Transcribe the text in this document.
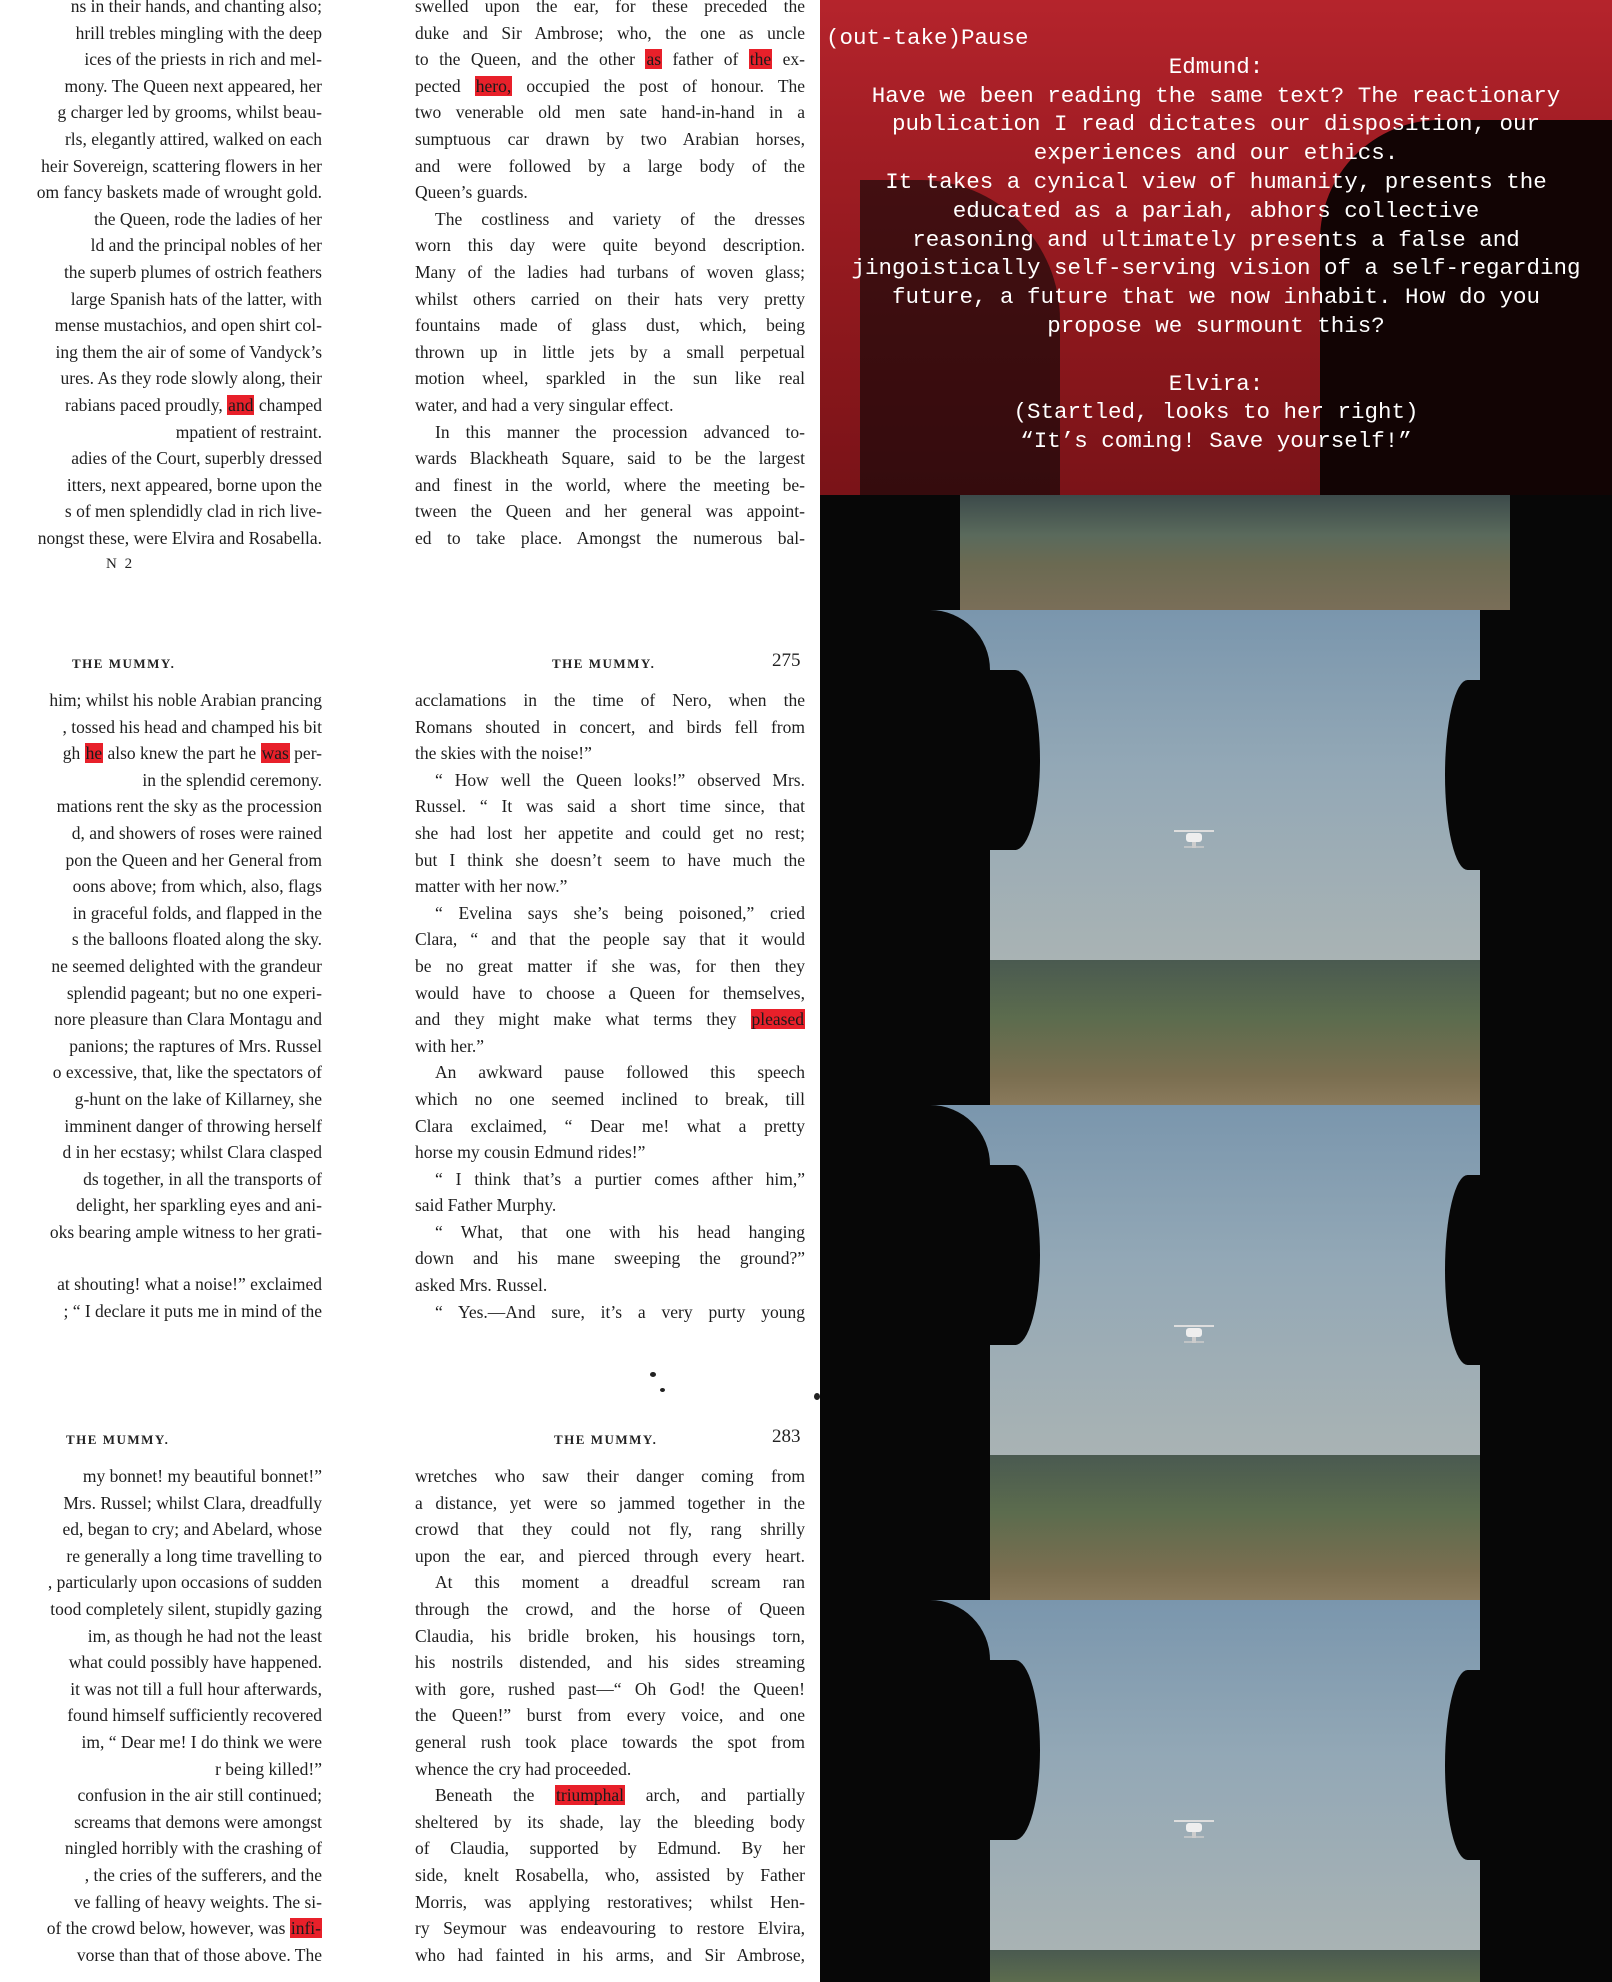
ns in their hands, and chanting also;

hrill trebles mingling with the deep

ices of the priests in rich and mel-

mony. The Queen next appeared, her

g charger led by grooms, whilst beau-

rls, elegantly attired, walked on each

heir Sovereign, scattering flowers in her

om fancy baskets made of wrought gold.

the Queen, rode the ladies of her

ld and the principal nobles of her

the superb plumes of ostrich feathers

large Spanish hats of the latter, with

mense mustachios, and open shirt col-

ing them the air of some of Vandyck’s

ures. As they rode slowly along, their

rabians paced proudly, and champed

mpatient of restraint.

adies of the Court, superbly dressed

itters, next appeared, borne upon the

s of men splendidly clad in rich live-

nongst these, were Elvira and Rosabella.

N 2

swelled upon the ear, for these preceded the

duke and Sir Ambrose; who, the one as uncle

to the Queen, and the other as father of the ex-

pected hero, occupied the post of honour. The

two venerable old men sate hand-in-hand in a

sumptuous car drawn by two Arabian horses,

and were followed by a large body of the

Queen’s guards.

The costliness and variety of the dresses

worn this day were quite beyond description.

Many of the ladies had turbans of woven glass;

whilst others carried on their hats very pretty

fountains made of glass dust, which, being

thrown up in little jets by a small perpetual

motion wheel, sparkled in the sun like real

water, and had a very singular effect.

In this manner the procession advanced to-

wards Blackheath Square, said to be the largest

and finest in the world, where the meeting be-

tween the Queen and her general was appoint-

ed to take place. Amongst the numerous bal-

THE MUMMY.	THE MUMMY.	275

him; whilst his noble Arabian prancing

, tossed his head and champed his bit

gh he also knew the part he was per-

in the splendid ceremony.

mations rent the sky as the procession

d, and showers of roses were rained

pon the Queen and her General from

oons above; from which, also, flags

in graceful folds, and flapped in the

s the balloons floated along the sky.

ne seemed delighted with the grandeur

splendid pageant; but no one experi-

nore pleasure than Clara Montagu and

panions; the raptures of Mrs. Russel

o excessive, that, like the spectators of

g-hunt on the lake of Killarney, she

imminent danger of throwing herself

d in her ecstasy; whilst Clara clasped

ds together, in all the transports of

delight, her sparkling eyes and ani-

oks bearing ample witness to her grati-

at shouting! what a noise!” exclaimed

; “ I declare it puts me in mind of the

acclamations in the time of Nero, when the

Romans shouted in concert, and birds fell from

the skies with the noise!”

“ How well the Queen looks!” observed Mrs.

Russel. “ It was said a short time since, that

she had lost her appetite and could get no rest;

but I think she doesn’t seem to have much the

matter with her now.”

“ Evelina says she’s being poisoned,” cried

Clara, “ and that the people say that it would

be no great matter if she was, for then they

would have to choose a Queen for themselves,

and they might make what terms they pleased

with her.”

An awkward pause followed this speech

which no one seemed inclined to break, till

Clara exclaimed, “ Dear me! what a pretty

horse my cousin Edmund rides!”

“ I think that’s a purtier comes afther him,”

said Father Murphy.

“ What, that one with his head hanging

down and his mane sweeping the ground?”

asked Mrs. Russel.

“ Yes.—And sure, it’s a very purty young

THE MUMMY.	THE MUMMY.	283

my bonnet! my beautiful bonnet!”

Mrs. Russel; whilst Clara, dreadfully

ed, began to cry; and Abelard, whose

re generally a long time travelling to

, particularly upon occasions of sudden

tood completely silent, stupidly gazing

im, as though he had not the least

what could possibly have happened.

it was not till a full hour afterwards,

found himself sufficiently recovered

im, “ Dear me! I do think we were

r being killed!”

confusion in the air still continued;

screams that demons were amongst

ningled horribly with the crashing of

, the cries of the sufferers, and the

ve falling of heavy weights. The si-

of the crowd below, however, was infi-

vorse than that of those above. The

wretches who saw their danger coming from

a distance, yet were so jammed together in the

crowd that they could not fly, rang shrilly

upon the ear, and pierced through every heart.

At this moment a dreadful scream ran

through the crowd, and the horse of Queen

Claudia, his bridle broken, his housings torn,

his nostrils distended, and his sides streaming

with gore, rushed past—“ Oh God! the Queen!

the Queen!” burst from every voice, and one

general rush took place towards the spot from

whence the cry had proceeded.

Beneath the triumphal arch, and partially

sheltered by its shade, lay the bleeding body

of Claudia, supported by Edmund. By her

side, knelt Rosabella, who, assisted by Father

Morris, was applying restoratives; whilst Hen-

ry Seymour was endeavouring to restore Elvira,

who had fainted in his arms, and Sir Ambrose,

(out-take)Pause

Edmund:

Have we been reading the same text? The reactionary

publication I read dictates our disposition, our

experiences and our ethics.

It takes a cynical view of humanity, presents the

educated as a pariah, abhors collective

reasoning and ultimately presents a false and

jingoistically self-serving vision of a self-regarding

future, a future that we now inhabit. How do you

propose we surmount this?

Elvira:

(Startled, looks to her right)

“It’s coming! Save yourself!”
